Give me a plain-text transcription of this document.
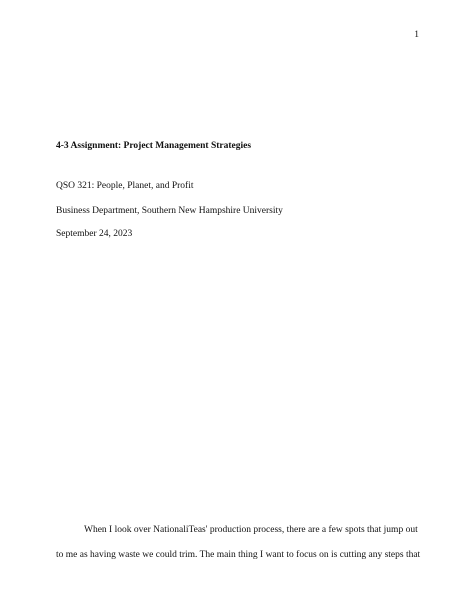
1
4-3 Assignment: Project Management Strategies
QSO 321: People, Planet, and Profit
Business Department, Southern New Hampshire University
September 24, 2023
When I look over NationaliTeas' production process, there are a few spots that jump out
to me as having waste we could trim. The main thing I want to focus on is cutting any steps that
